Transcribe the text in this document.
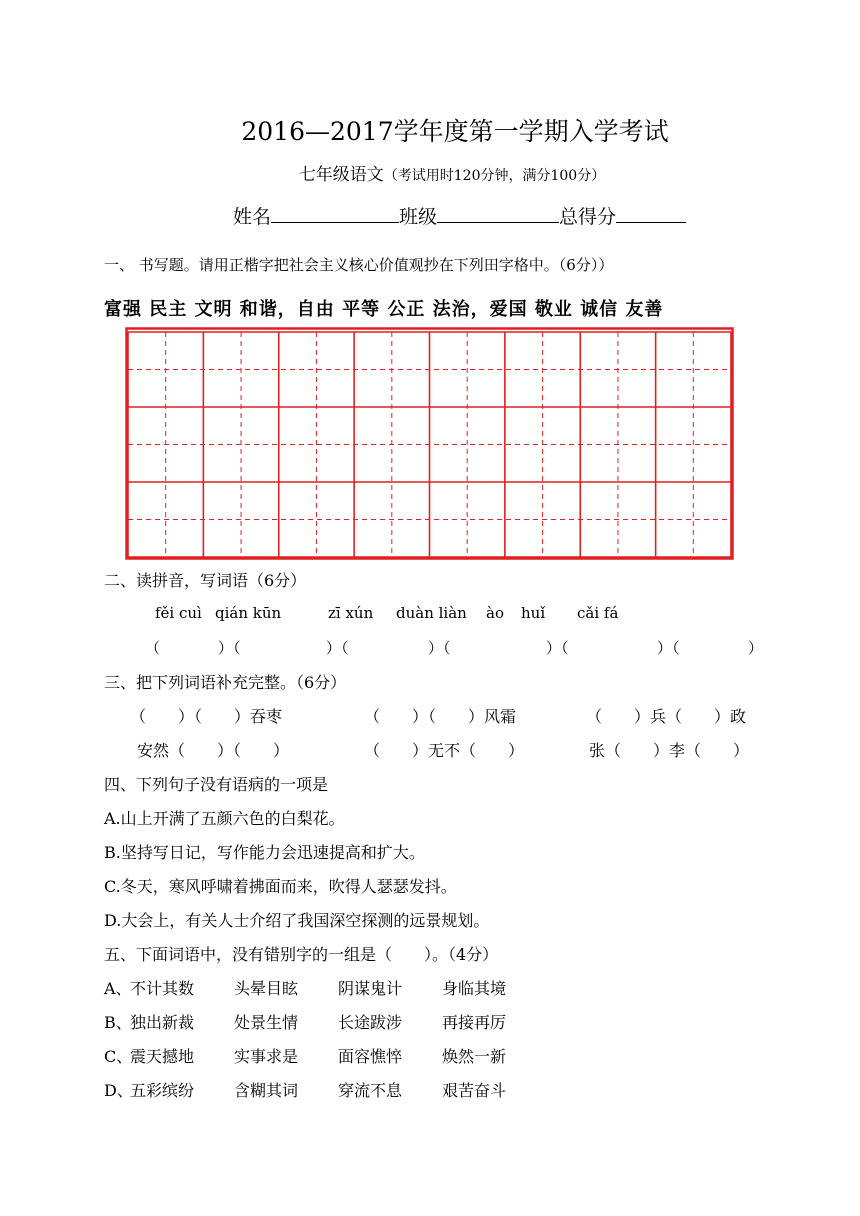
2016—2017学年度第一学期入学考试
七年级语文（考试用时120分钟，满分100分）
姓名	班级	总得分
一、 书写题。请用正楷字把社会主义核心价值观抄在下列田字格中。（6分））
富强 民主 文明 和谐，自由 平等 公正 法治，爱国 敬业 诚信 友善
二、读拼音，写词语（6分）
fěi cuì qián kūn	zī xún duàn liàn ào huǐ cǎi fá
（	）（	）（	）（	）（	）（	）
三、把下列词语补充完整。（6分）
（　　）（　　）吞枣	（　　）（　　）风霜	（　　）兵（　　）政
安然（　　）（　　）	（　　）无不（　　）	张（　　）李（　　）
四、下列句子没有语病的一项是
A.山上开满了五颜六色的白梨花。
B.坚持写日记，写作能力会迅速提高和扩大。
C.冬天，寒风呼啸着拂面而来，吹得人瑟瑟发抖。
D.大会上，有关人士介绍了我国深空探测的远景规划。
五、下面词语中，没有错别字的一组是（　　）。（4分）
A、
不计其数 头晕目眩 阴谋鬼计 身临其境
B、
独出新裁 处景生情 长途跋涉 再接再厉
C、
震天撼地 实事求是 面容憔悴 焕然一新
D、
五彩缤纷 含糊其词 穿流不息 艰苦奋斗
